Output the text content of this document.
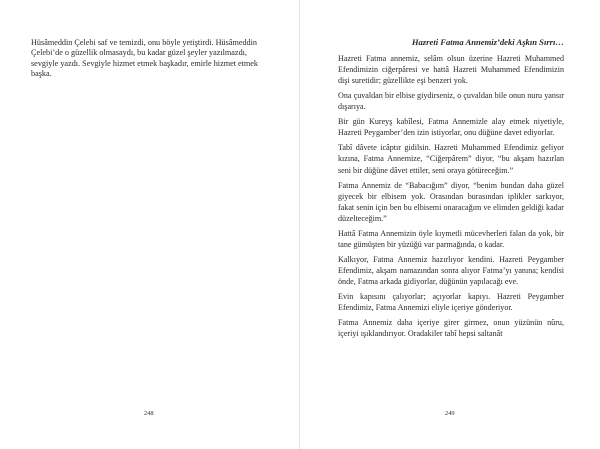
Hüsâmeddin Çelebi saf ve temizdi, onu böyle yetiştirdi. Hüsâmeddin Çelebi’de o güzellik olmasaydı, bu kadar güzel şeyler yazılmazdı, sevgiyle yazdı. Sevgiyle hizmet etmek başkadır, emirle hizmet etmek başka.

Hazreti Fatma Annemiz’deki Aşkın Sırrı…

Hazreti Fatma annemiz, selâm olsun üzerine Hazreti Muhammed Efendimizin ciğerpâresi ve hattâ Hazreti Muhammed Efendimizin dişi suretidir; güzellikte eşi benzeri yok.

Ona çuvaldan bir elbise giydirseniz, o çuvaldan bile onun nuru yansır dışarıya.

Bir gün Kureyş kabîlesi, Fatma Annemizle alay etmek niyetiyle, Hazreti Peygamber’den izin istiyorlar, onu düğüne davet ediyorlar.

Tabî dâvete icâptır gidilsin. Hazreti Muhammed Efendimiz geliyor kızına, Fatma Annemize, “Ciğerpârem” diyor, “bu akşam hazırlan seni bir düğüne dâvet ettiler, seni oraya götüreceğim.”

Fatma Annemiz de “Babacığım” diyor, “benim bundan daha güzel giyecek bir elbisem yok. Orasından burasından iplikler sarkıyor, fakat senin için ben bu elbisemi onaracağım ve elimden geldiği kadar düzelteceğim.”

Hattâ Fatma Annemizin öyle kıymetli mücevherleri falan da yok, bir tane gümüşten bir yüzüğü var parmağında, o kadar.

Kalkıyor, Fatma Annemiz hazırlıyor kendini. Hazreti Peygamber Efendimiz, akşam namazından sonra alıyor Fatma’yı yanına; kendisi önde, Fatma arkada gidiyorlar, düğünün yapılacağı eve.

Evin kapısını çalıyorlar; açıyorlar kapıyı. Hazreti Peygamber Efendimiz, Fatma Annemizi eliyle içeriye gönderiyor.

Fatma Annemiz daha içeriye girer girmez, onun yüzünün nûru, içeriyi ışıklandırıyor. Oradakiler tabî hepsi saltanât

248	249
